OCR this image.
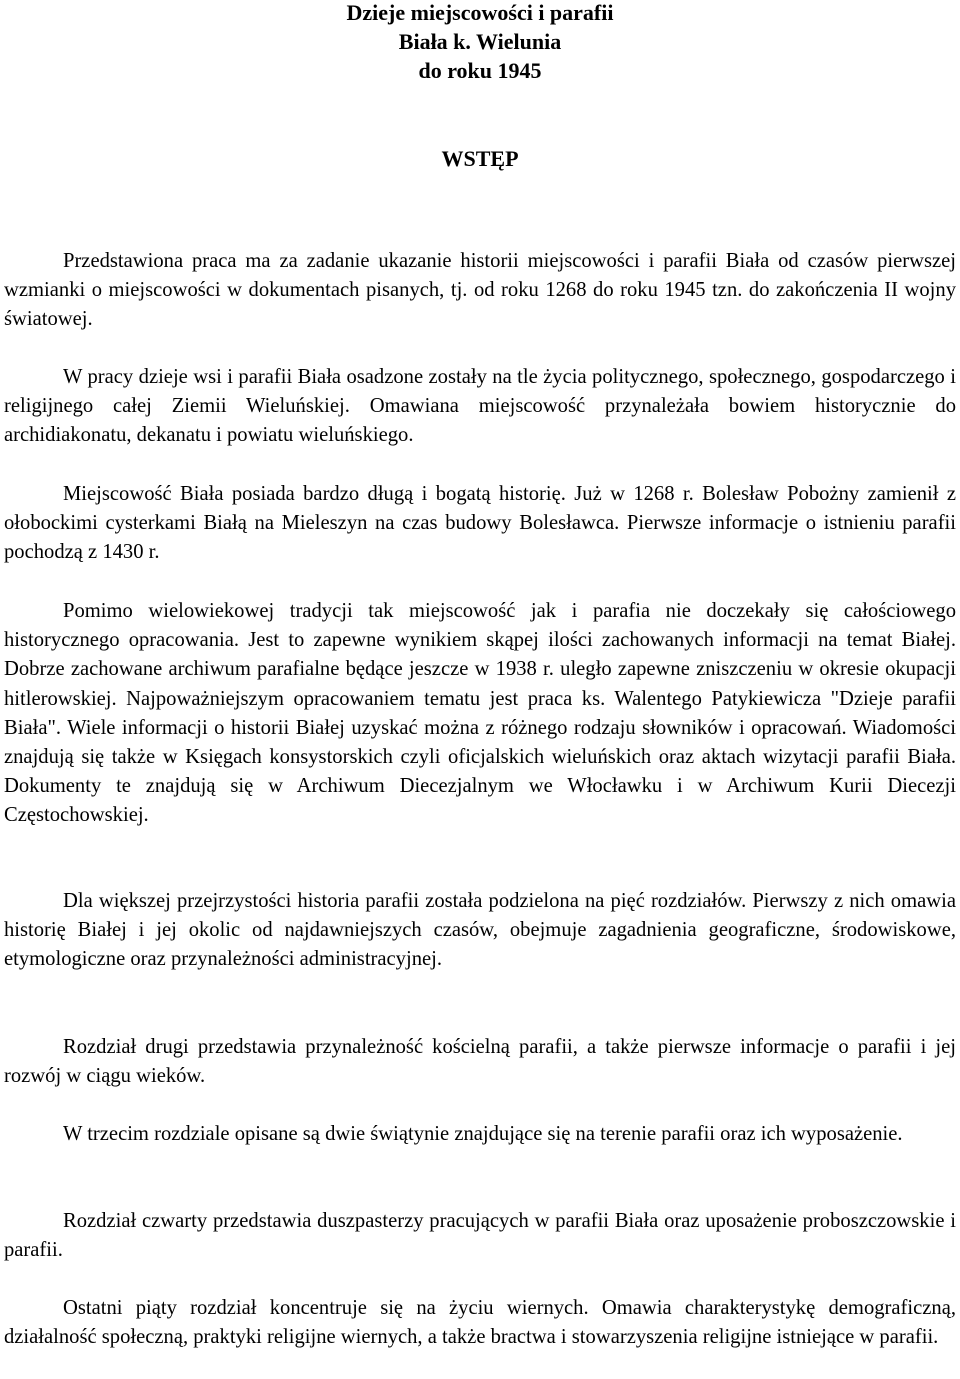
Dzieje miejscowości i parafii
Biała k. Wielunia
do roku 1945
WSTĘP

Przedstawiona praca ma za zadanie ukazanie historii miejscowości i parafii Biała od czasów pierwszej wzmianki o miejscowości w dokumentach pisanych, tj. od roku 1268 do roku 1945 tzn. do zakończenia II wojny światowej.

W pracy dzieje wsi i parafii Biała osadzone zostały na tle życia politycznego, społecznego, gospodarczego i religijnego całej Ziemii Wieluńskiej. Omawiana miejscowość przynależała bowiem historycznie do archidiakonatu, dekanatu i powiatu wieluńskiego.

Miejscowość Biała posiada bardzo długą i bogatą historię. Już w 1268 r. Bolesław Pobożny zamienił z ołobockimi cysterkami Białą na Mieleszyn na czas budowy Bolesławca. Pierwsze informacje o istnieniu parafii pochodzą z 1430 r.

Pomimo wielowiekowej tradycji tak miejscowość jak i parafia nie doczekały się całościowego historycznego opracowania. Jest to zapewne wynikiem skąpej ilości zachowanych informacji na temat Białej. Dobrze zachowane archiwum parafialne będące jeszcze w 1938 r. uległo zapewne zniszczeniu w okresie okupacji hitlerowskiej. Najpoważniejszym opracowaniem tematu jest praca ks. Walentego Patykiewicza "Dzieje parafii Biała". Wiele informacji o historii Białej uzyskać można z różnego rodzaju słowników i opracowań. Wiadomości znajdują się także w Księgach konsystorskich czyli oficjalskich wieluńskich oraz aktach wizytacji parafii Biała. Dokumenty te znajdują się w Archiwum Diecezjalnym we Włocławku i w Archiwum Kurii Diecezji Częstochowskiej.

Dla większej przejrzystości historia parafii została podzielona na pięć rozdziałów. Pierwszy z nich omawia historię Białej i jej okolic od najdawniejszych czasów, obejmuje zagadnienia geograficzne, środowiskowe, etymologiczne oraz przynależności administracyjnej.

Rozdział drugi przedstawia przynależność kościelną parafii, a także pierwsze informacje o parafii i jej rozwój w ciągu wieków.

W trzecim rozdziale opisane są dwie świątynie znajdujące się na terenie parafii oraz ich wyposażenie.

Rozdział czwarty przedstawia duszpasterzy pracujących w parafii Biała oraz uposażenie proboszczowskie i parafii.

Ostatni piąty rozdział koncentruje się na życiu wiernych. Omawia charakterystykę demograficzną, działalność społeczną, praktyki religijne wiernych, a także bractwa i stowarzyszenia religijne istniejące w parafii.
